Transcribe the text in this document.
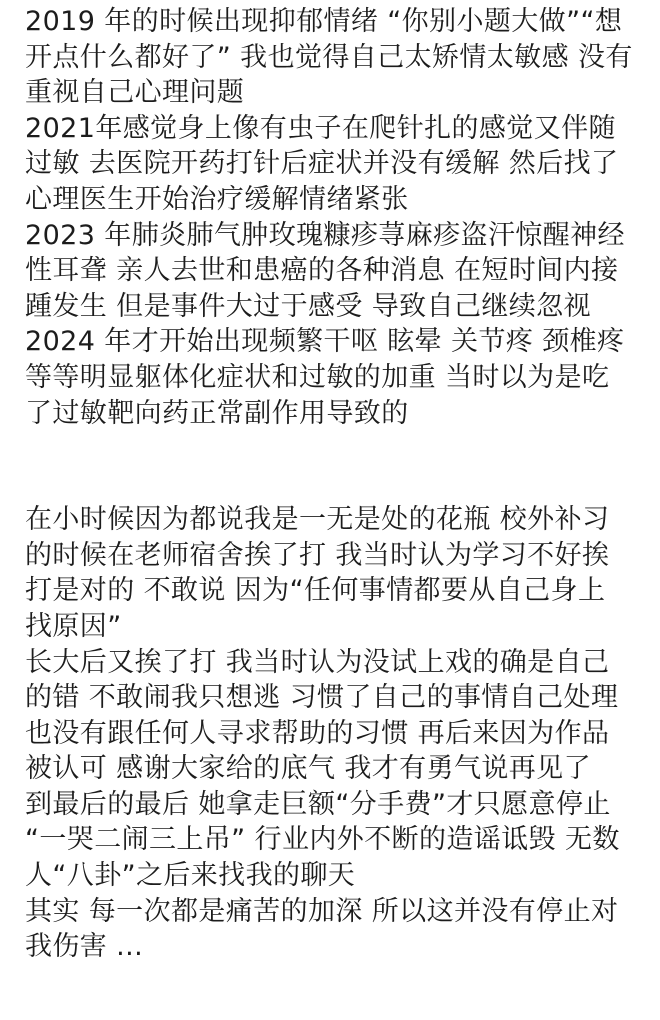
2019 年的时候出现抑郁情绪 “你别小题大做”“想
开点什么都好了” 我也觉得自己太矫情太敏感 没有
重视自己心理问题
2021年感觉身上像有虫子在爬针扎的感觉又伴随
过敏 去医院开药打针后症状并没有缓解 然后找了
心理医生开始治疗缓解情绪紧张
2023 年肺炎肺气肿玫瑰糠疹荨麻疹盗汗惊醒神经
性耳聋 亲人去世和患癌的各种消息 在短时间内接
踵发生 但是事件大过于感受 导致自己继续忽视
2024 年才开始出现频繁干呕 眩晕 关节疼 颈椎疼
等等明显躯体化症状和过敏的加重 当时以为是吃
了过敏靶向药正常副作用导致的
在小时候因为都说我是一无是处的花瓶 校外补习
的时候在老师宿舍挨了打 我当时认为学习不好挨
打是对的 不敢说 因为“任何事情都要从自己身上
找原因”
长大后又挨了打 我当时认为没试上戏的确是自己
的错 不敢闹我只想逃 习惯了自己的事情自己处理
也没有跟任何人寻求帮助的习惯 再后来因为作品
被认可 感谢大家给的底气 我才有勇气说再见了
到最后的最后 她拿走巨额“分手费”才只愿意停止
“一哭二闹三上吊” 行业内外不断的造谣诋毁 无数
人“八卦”之后来找我的聊天
其实 每一次都是痛苦的加深 所以这并没有停止对
我伤害 ...
